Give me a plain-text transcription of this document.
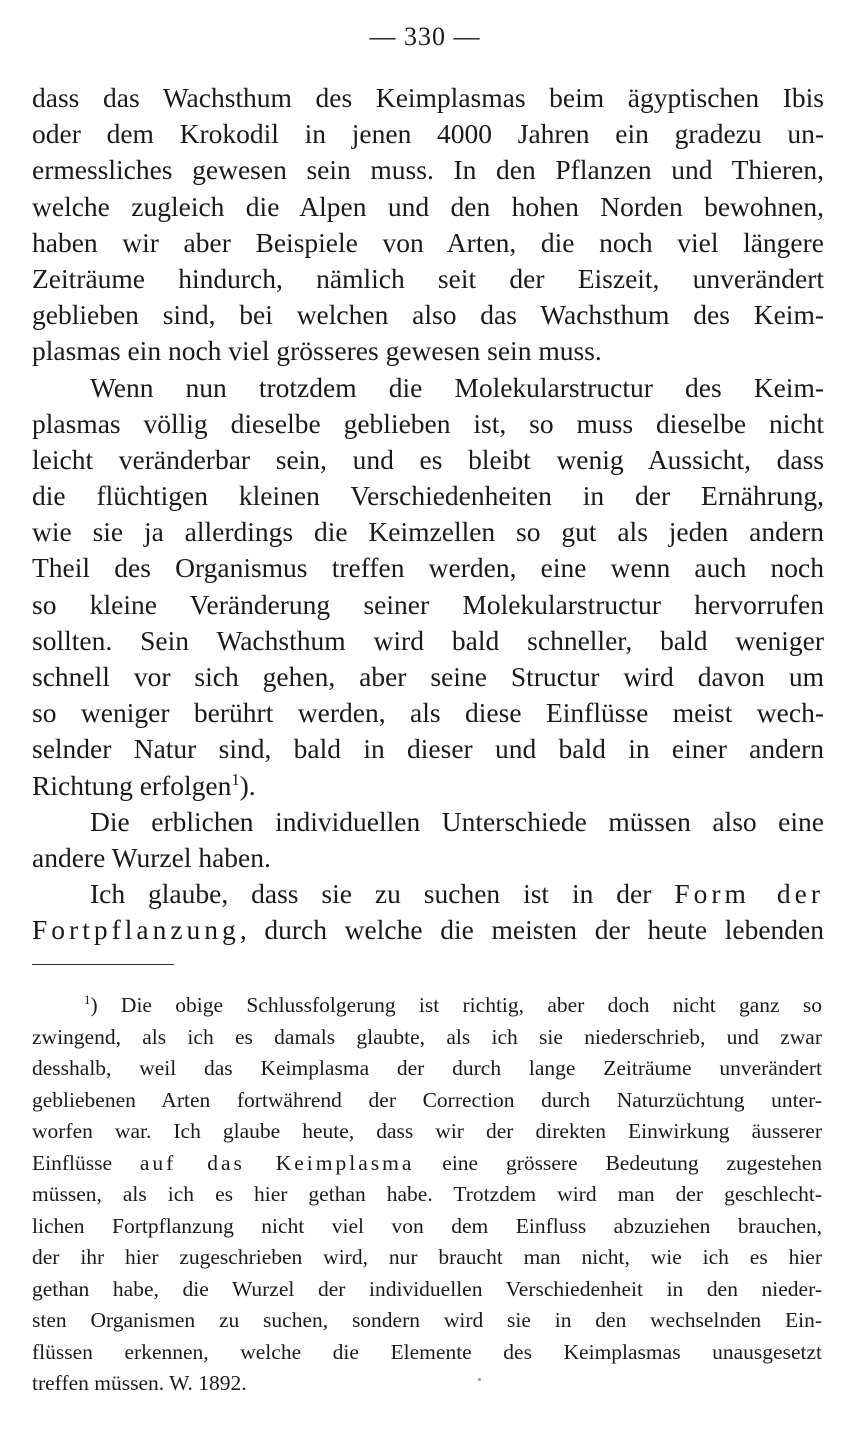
— 330 —
dass das Wachsthum des Keimplasmas beim ägyptischen Ibis
oder dem Krokodil in jenen 4000 Jahren ein gradezu un-
ermessliches gewesen sein muss. In den Pflanzen und Thieren,
welche zugleich die Alpen und den hohen Norden bewohnen,
haben wir aber Beispiele von Arten, die noch viel längere
Zeiträume hindurch, nämlich seit der Eiszeit, unverändert
geblieben sind, bei welchen also das Wachsthum des Keim-
plasmas ein noch viel grösseres gewesen sein muss.
Wenn nun trotzdem die Molekularstructur des Keim-
plasmas völlig dieselbe geblieben ist, so muss dieselbe nicht
leicht veränderbar sein, und es bleibt wenig Aussicht, dass
die flüchtigen kleinen Verschiedenheiten in der Ernährung,
wie sie ja allerdings die Keimzellen so gut als jeden andern
Theil des Organismus treffen werden, eine wenn auch noch
so kleine Veränderung seiner Molekularstructur hervorrufen
sollten. Sein Wachsthum wird bald schneller, bald weniger
schnell vor sich gehen, aber seine Structur wird davon um
so weniger berührt werden, als diese Einflüsse meist wech-
selnder Natur sind, bald in dieser und bald in einer andern
Richtung erfolgen$^1$).
Die erblichen individuellen Unterschiede müssen also eine
andere Wurzel haben.
Ich glaube, dass sie zu suchen ist in der Form der
Fortpflanzung, durch welche die meisten der heute lebenden
$^1$) Die obige Schlussfolgerung ist richtig, aber doch nicht ganz so
zwingend, als ich es damals glaubte, als ich sie niederschrieb, und zwar
desshalb, weil das Keimplasma der durch lange Zeiträume unverändert
gebliebenen Arten fortwährend der Correction durch Naturzüchtung unter-
worfen war. Ich glaube heute, dass wir der direkten Einwirkung äusserer
Einflüsse auf das Keimplasma eine grössere Bedeutung zugestehen
müssen, als ich es hier gethan habe. Trotzdem wird man der geschlecht-
lichen Fortpflanzung nicht viel von dem Einfluss abzuziehen brauchen,
der ihr hier zugeschrieben wird, nur braucht man nicht, wie ich es hier
gethan habe, die Wurzel der individuellen Verschiedenheit in den nieder-
sten Organismen zu suchen, sondern wird sie in den wechselnden Ein-
flüssen erkennen, welche die Elemente des Keimplasmas unausgesetzt
treffen müssen. W. 1892.
